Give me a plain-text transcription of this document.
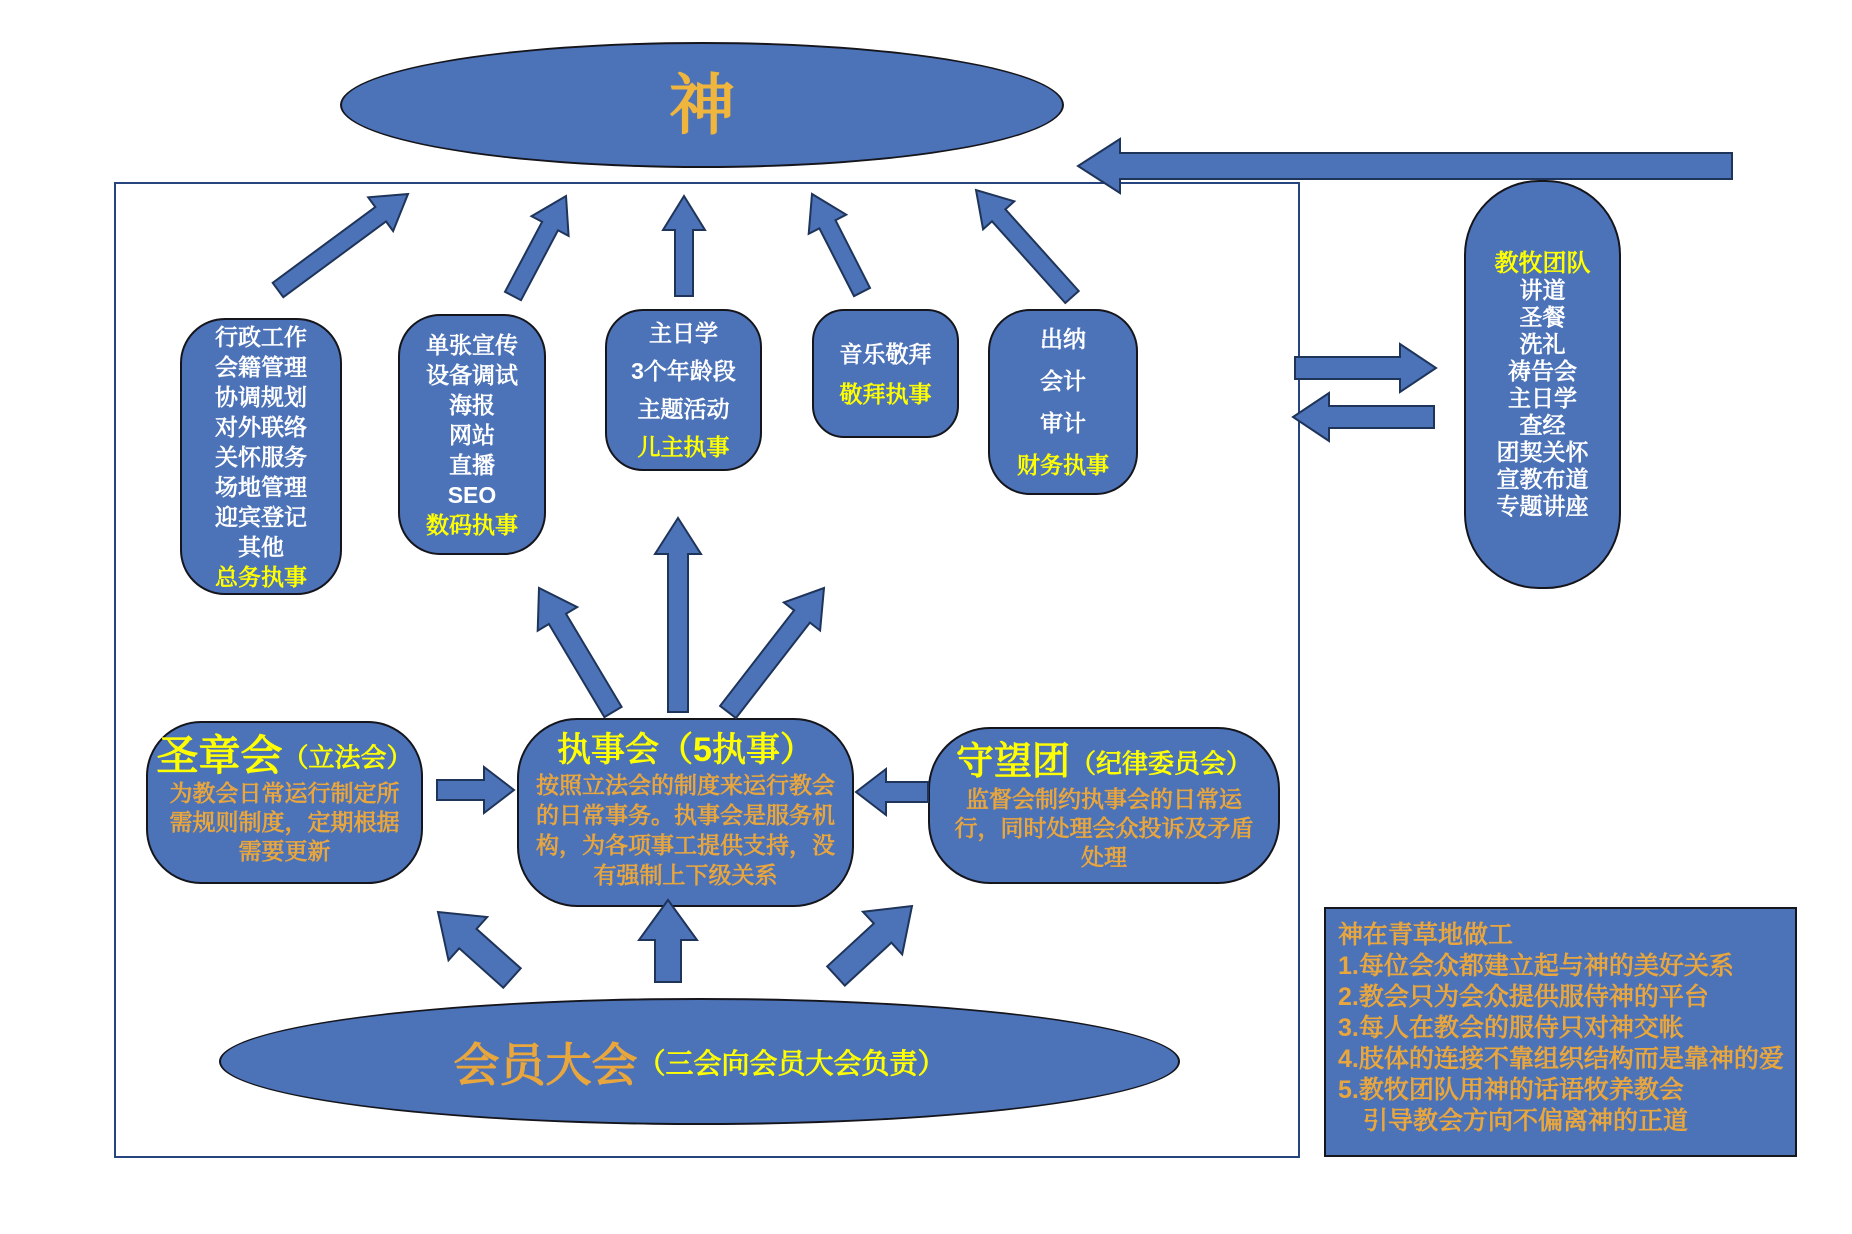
神
行政工作
会籍管理
协调规划
对外联络
关怀服务
场地管理
迎宾登记
其他
总务执事
单张宣传
设备调试
海报
网站
直播
SEO
数码执事
主日学
3个年龄段
主题活动
儿主执事
音乐敬拜
敬拜执事
出纳
会计
审计
财务执事
教牧团队
讲道
圣餐
洗礼
祷告会
主日学
查经
团契关怀
宣教布道
专题讲座
执事会（5执事）
按照立法会的制度来运行教会的日常事务。执事会是服务机构，为各项事工提供支持，没有强制上下级关系
圣章会（立法会）
为教会日常运行制定所需规则制度，定期根据需要更新
守望团（纪律委员会）
监督会制约执事会的日常运行，同时处理会众投诉及矛盾处理
会员大会 （三会向会员大会负责）
神在青草地做工
1.每位会众都建立起与神的美好关系
2.教会只为会众提供服侍神的平台
3.每人在教会的服侍只对神交帐
4.肢体的连接不靠组织结构而是靠神的爱
5.教牧团队用神的话语牧养教会
　引导教会方向不偏离神的正道
